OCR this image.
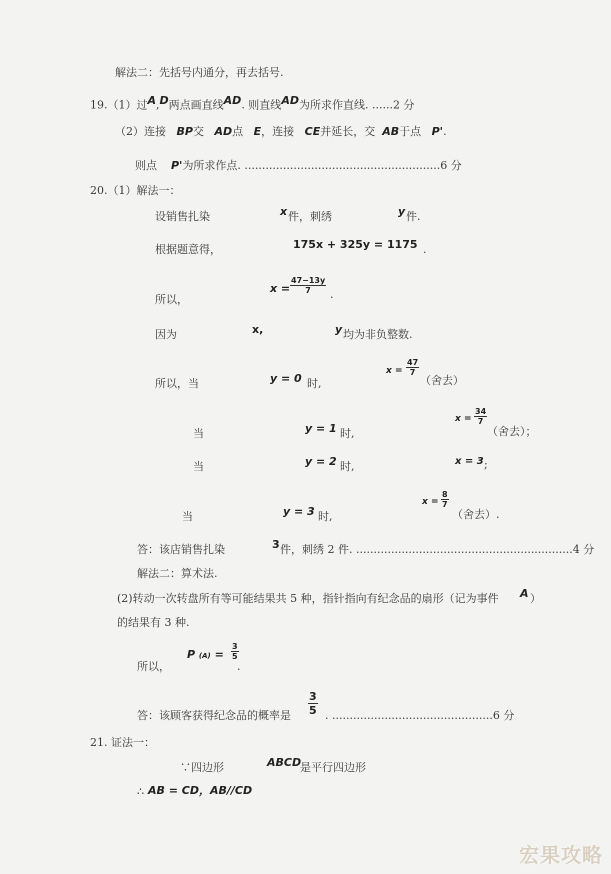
解法二：先括号内通分，再去括号.
19.（1）过$^A$,$^D$两点画直线$^{AD}$. 则直线$^{AD}$为所求作直线. ......2 分
（2）连接 BP交 AD点 E，连接 CE并延长，交 AB于点 P'.
则点 P'为所求作点. ........................................................6 分
20.（1）解法一：
设销售扎染	x 件，刺绣	y 件.
根据题意得，	175x + 325y = 1175 .
所以，
$x = \frac{47-13y}{7}$ .
因为	x,	y 均为非负整数.
所以，当	y = 0 时,
$x = \frac{47}{7}$
（舍去）
当	y = 1 时,
$x = \frac{34}{7}$
（舍去）；
当	y = 2 时,	x = 3 ;
当	y = 3 时,
$x = \frac{8}{7}$
（舍去）.
答：该店销售扎染	3 件，刺绣 2 件. ..............................................................4 分
解法二：算术法.
(2)转动一次转盘所有等可能结果共 5 种，指针指向有纪念品的扇形（记为事件 A ）
的结果有 3 种.
所以，
P $(A) = \frac{3}{5}$
.
答：该顾客获得纪念品的概率是 $\frac{3}{5}$ . ..............................................6 分
21. 证法一：
∵四边形	ABCD
是平行四边形
∴ AB = CD，AB//CD
宏果攻略
